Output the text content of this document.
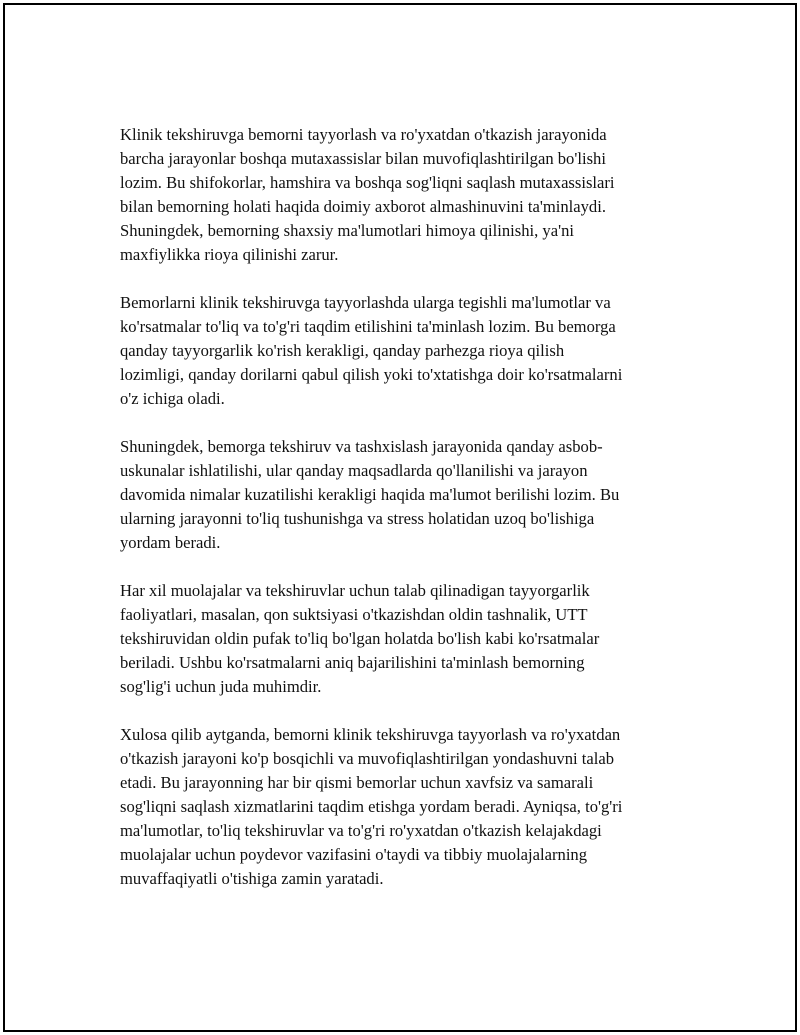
Klinik tekshiruvga bemorni tayyorlash va ro'yxatdan o'tkazish jarayonida
barcha jarayonlar boshqa mutaxassislar bilan muvofiqlashtirilgan bo'lishi
lozim. Bu shifokorlar, hamshira va boshqa sog'liqni saqlash mutaxassislari
bilan bemorning holati haqida doimiy axborot almashinuvini ta'minlaydi.
Shuningdek, bemorning shaxsiy ma'lumotlari himoya qilinishi, ya'ni
maxfiylikka rioya qilinishi zarur.

Bemorlarni klinik tekshiruvga tayyorlashda ularga tegishli ma'lumotlar va
ko'rsatmalar to'liq va to'g'ri taqdim etilishini ta'minlash lozim. Bu bemorga
qanday tayyorgarlik ko'rish kerakligi, qanday parhezga rioya qilish
lozimligi, qanday dorilarni qabul qilish yoki to'xtatishga doir ko'rsatmalarni
o'z ichiga oladi.

Shuningdek, bemorga tekshiruv va tashxislash jarayonida qanday asbob-
uskunalar ishlatilishi, ular qanday maqsadlarda qo'llanilishi va jarayon
davomida nimalar kuzatilishi kerakligi haqida ma'lumot berilishi lozim. Bu
ularning jarayonni to'liq tushunishga va stress holatidan uzoq bo'lishiga
yordam beradi.

Har xil muolajalar va tekshiruvlar uchun talab qilinadigan tayyorgarlik
faoliyatlari, masalan, qon suktsiyasi o'tkazishdan oldin tashnalik, UTT
tekshiruvidan oldin pufak to'liq bo'lgan holatda bo'lish kabi ko'rsatmalar
beriladi. Ushbu ko'rsatmalarni aniq bajarilishini ta'minlash bemorning
sog'lig'i uchun juda muhimdir.

Xulosa qilib aytganda, bemorni klinik tekshiruvga tayyorlash va ro'yxatdan
o'tkazish jarayoni ko'p bosqichli va muvofiqlashtirilgan yondashuvni talab
etadi. Bu jarayonning har bir qismi bemorlar uchun xavfsiz va samarali
sog'liqni saqlash xizmatlarini taqdim etishga yordam beradi. Ayniqsa, to'g'ri
ma'lumotlar, to'liq tekshiruvlar va to'g'ri ro'yxatdan o'tkazish kelajakdagi
muolajalar uchun poydevor vazifasini o'taydi va tibbiy muolajalarning
muvaffaqiyatli o'tishiga zamin yaratadi.
